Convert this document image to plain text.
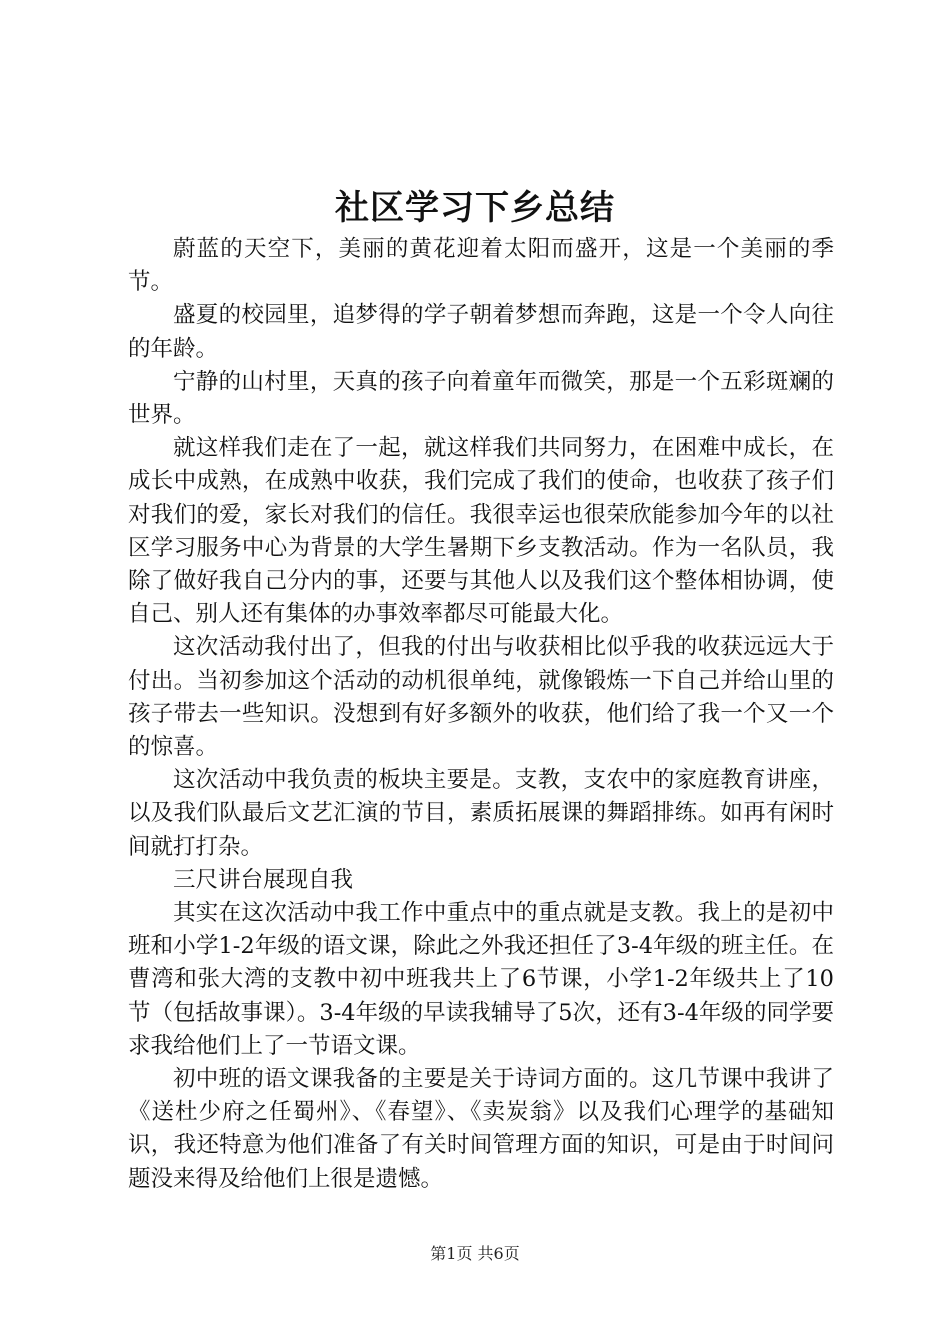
社区学习下乡总结

蔚蓝的天空下，美丽的黄花迎着太阳而盛开，这是一个美丽的季节。

盛夏的校园里，追梦得的学子朝着梦想而奔跑，这是一个令人向往的年龄。

宁静的山村里，天真的孩子向着童年而微笑，那是一个五彩斑斓的世界。

就这样我们走在了一起，就这样我们共同努力，在困难中成长，在成长中成熟，在成熟中收获，我们完成了我们的使命，也收获了孩子们对我们的爱，家长对我们的信任。我很幸运也很荣欣能参加今年的以社区学习服务中心为背景的大学生暑期下乡支教活动。作为一名队员，我除了做好我自己分内的事，还要与其他人以及我们这个整体相协调，使自己、别人还有集体的办事效率都尽可能最大化。

这次活动我付出了，但我的付出与收获相比似乎我的收获远远大于付出。当初参加这个活动的动机很单纯，就像锻炼一下自己并给山里的孩子带去一些知识。没想到有好多额外的收获，他们给了我一个又一个的惊喜。

这次活动中我负责的板块主要是。支教，支农中的家庭教育讲座，以及我们队最后文艺汇演的节目，素质拓展课的舞蹈排练。如再有闲时间就打打杂。

三尺讲台展现自我

其实在这次活动中我工作中重点中的重点就是支教。我上的是初中班和小学1-2年级的语文课，除此之外我还担任了3-4年级的班主任。在曹湾和张大湾的支教中初中班我共上了6节课，小学1-2年级共上了10节（包括故事课）。3-4年级的早读我辅导了5次，还有3-4年级的同学要求我给他们上了一节语文课。

初中班的语文课我备的主要是关于诗词方面的。这几节课中我讲了《送杜少府之任蜀州》、《春望》、《卖炭翁》以及我们心理学的基础知识，我还特意为他们准备了有关时间管理方面的知识，可是由于时间问题没来得及给他们上很是遗憾。

第1页 共6页
